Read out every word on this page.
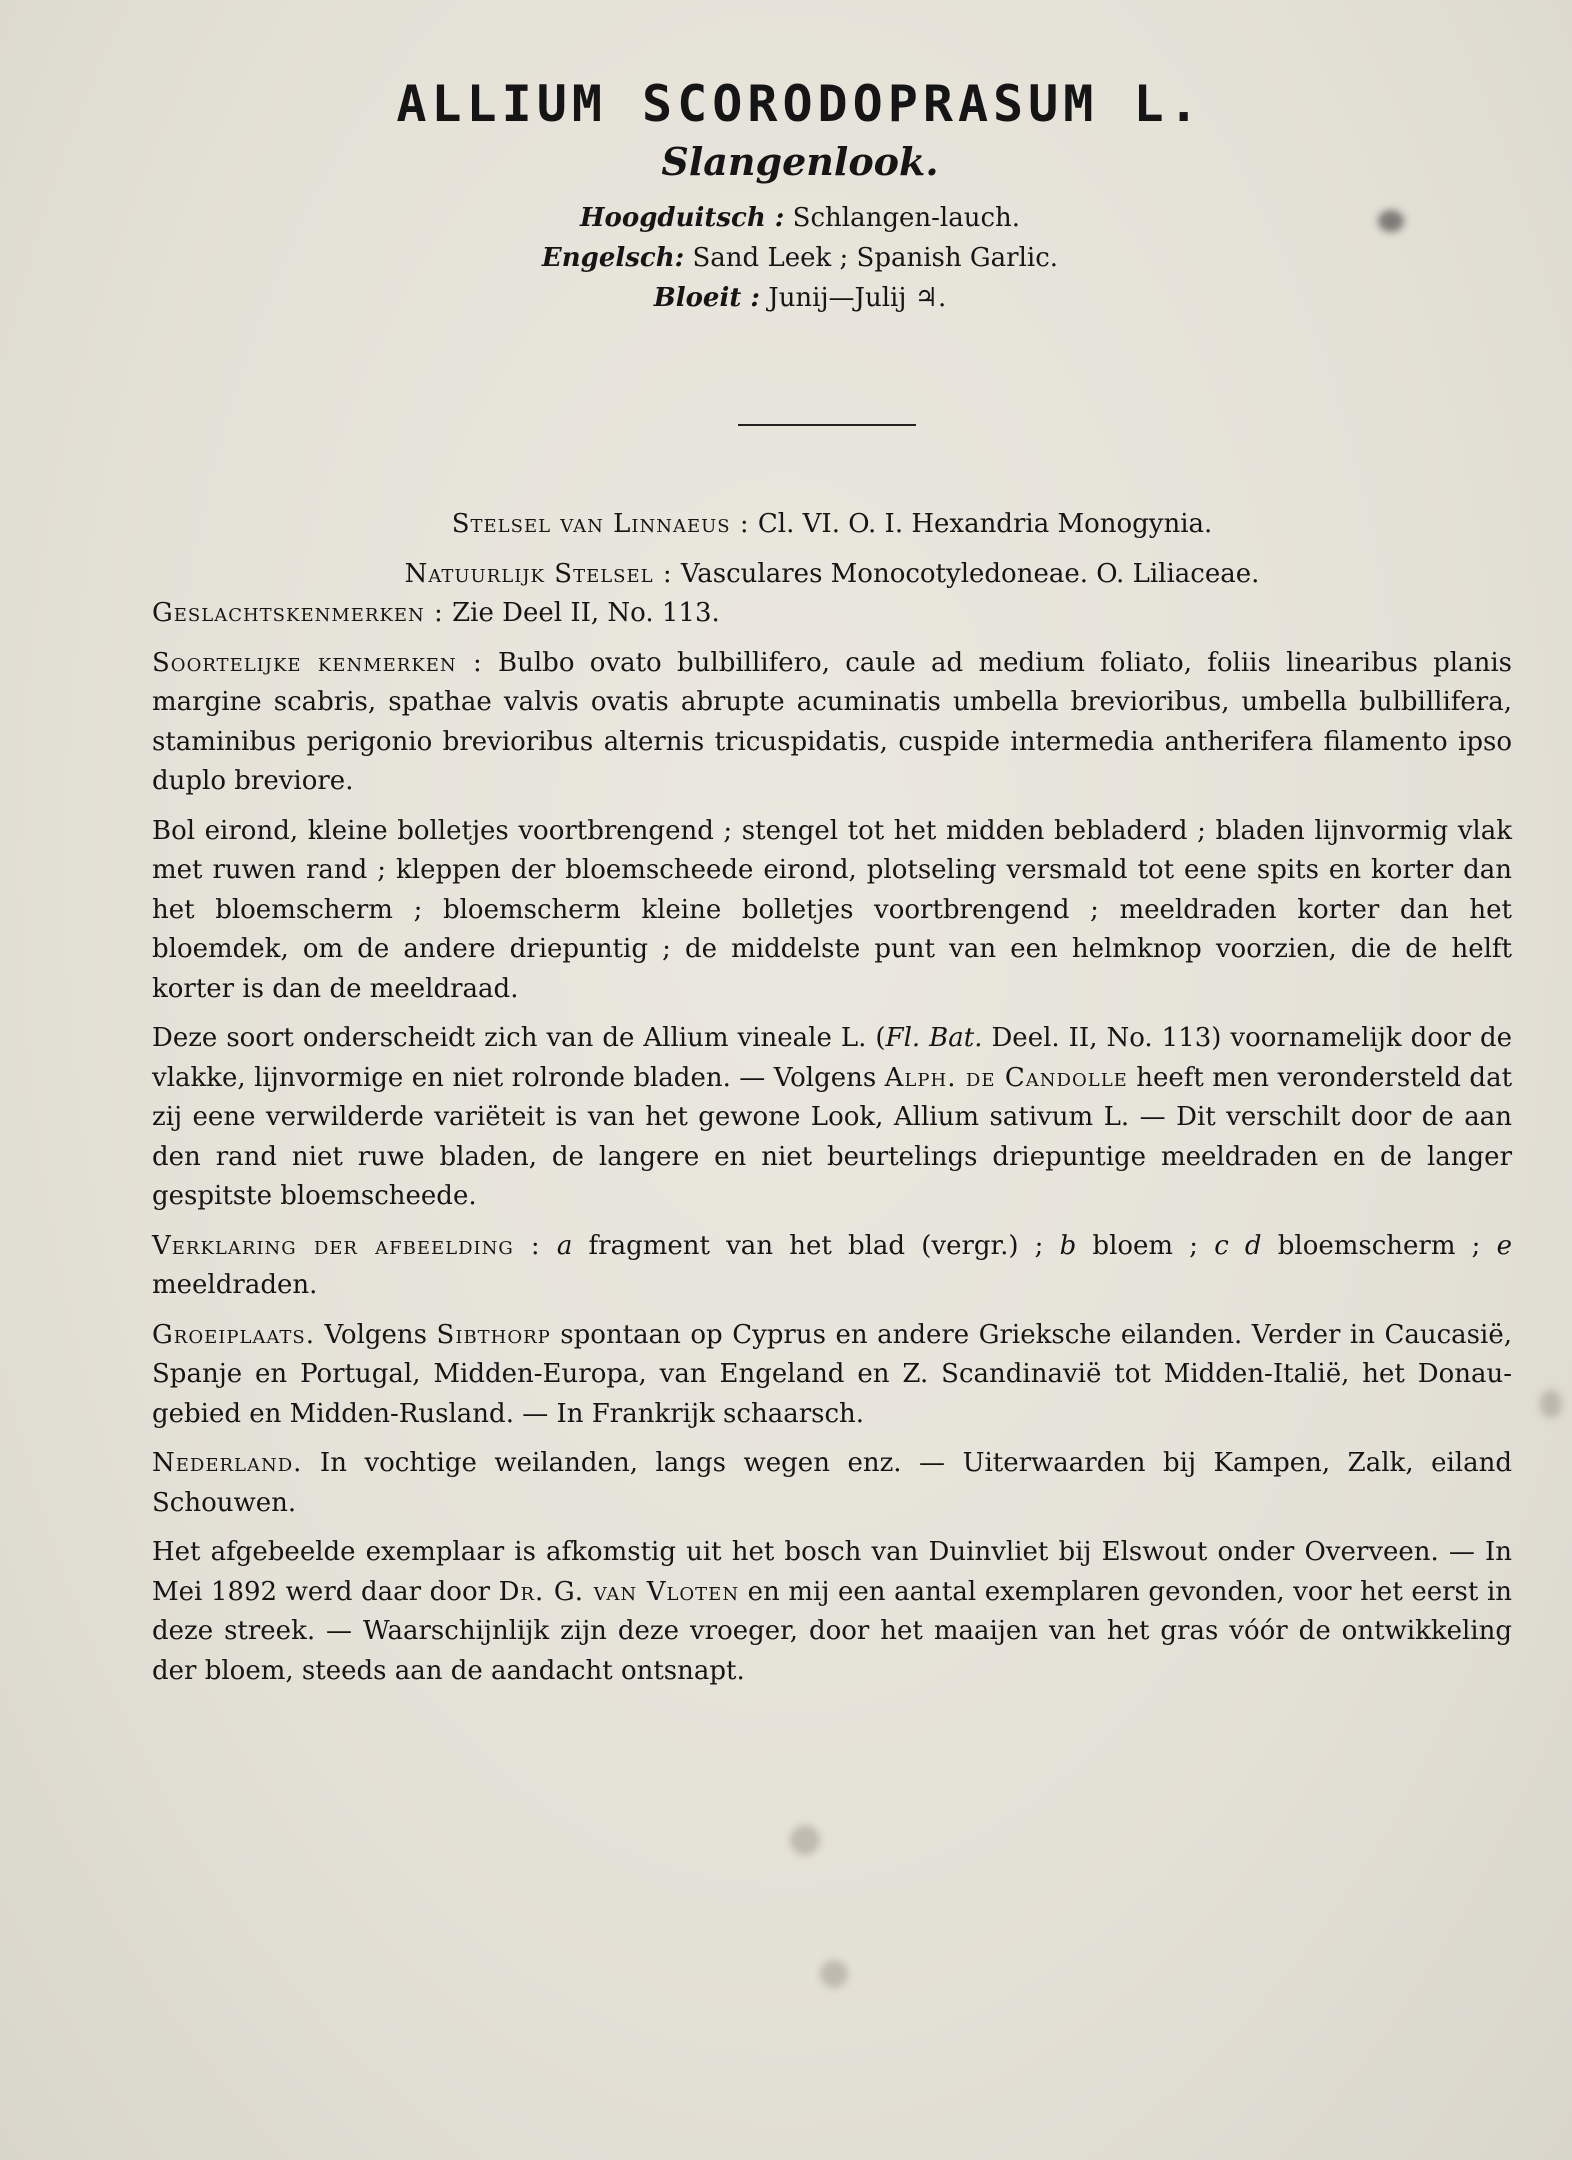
ALLIUM SCORODOPRASUM L.

Slangenlook.

Hoogduitsch : Schlangen-lauch.

Engelsch: Sand Leek ; Spanish Garlic.

Bloeit : Junij—Julij ♃.

Stelsel van Linnaeus : Cl. VI. O. I. Hexandria Monogynia.

Natuurlijk Stelsel : Vasculares Monocotyledoneae. O. Liliaceae.

Geslachtskenmerken : Zie Deel II, No. 113.

Soortelijke kenmerken : Bulbo ovato bulbillifero, caule ad medium foliato, foliis linearibus planis margine scabris, spathae valvis ovatis abrupte acuminatis umbella brevioribus, umbella bulbillifera, staminibus perigonio brevioribus alternis tricuspidatis, cuspide intermedia antherifera filamento ipso duplo breviore.

Bol eirond, kleine bolletjes voortbrengend ; stengel tot het midden bebladerd ; bladen lijnvormig vlak met ruwen rand ; kleppen der bloemscheede eirond, plotseling versmald tot eene spits en korter dan het bloemscherm ; bloemscherm kleine bolletjes voortbrengend ; meeldraden korter dan het bloemdek, om de andere driepuntig ; de middelste punt van een helmknop voorzien, die de helft korter is dan de meeldraad.

Deze soort onderscheidt zich van de Allium vineale L. (Fl. Bat. Deel. II, No. 113) voornamelijk door de vlakke, lijnvormige en niet rolronde bladen. — Volgens Alph. de Candolle heeft men verondersteld dat zij eene verwilderde variëteit is van het gewone Look, Allium sativum L. — Dit verschilt door de aan den rand niet ruwe bladen, de langere en niet beurtelings driepuntige meeldraden en de langer gespitste bloemscheede.

Verklaring der afbeelding : a fragment van het blad (vergr.) ; b bloem ; c d bloemscherm ; e meeldraden.

Groeiplaats. Volgens Sibthorp spontaan op Cyprus en andere Grieksche eilanden. Verder in Caucasië, Spanje en Portugal, Midden-Europa, van Engeland en Z. Scandinavië tot Midden-Italië, het Donau-gebied en Midden-Rusland. — In Frankrijk schaarsch.

Nederland. In vochtige weilanden, langs wegen enz. — Uiterwaarden bij Kampen, Zalk, eiland Schouwen.

Het afgebeelde exemplaar is afkomstig uit het bosch van Duinvliet bij Elswout onder Overveen. — In Mei 1892 werd daar door Dr. G. van Vloten en mij een aantal exemplaren gevonden, voor het eerst in deze streek. — Waarschijnlijk zijn deze vroeger, door het maaijen van het gras vóór de ontwikkeling der bloem, steeds aan de aandacht ontsnapt.
